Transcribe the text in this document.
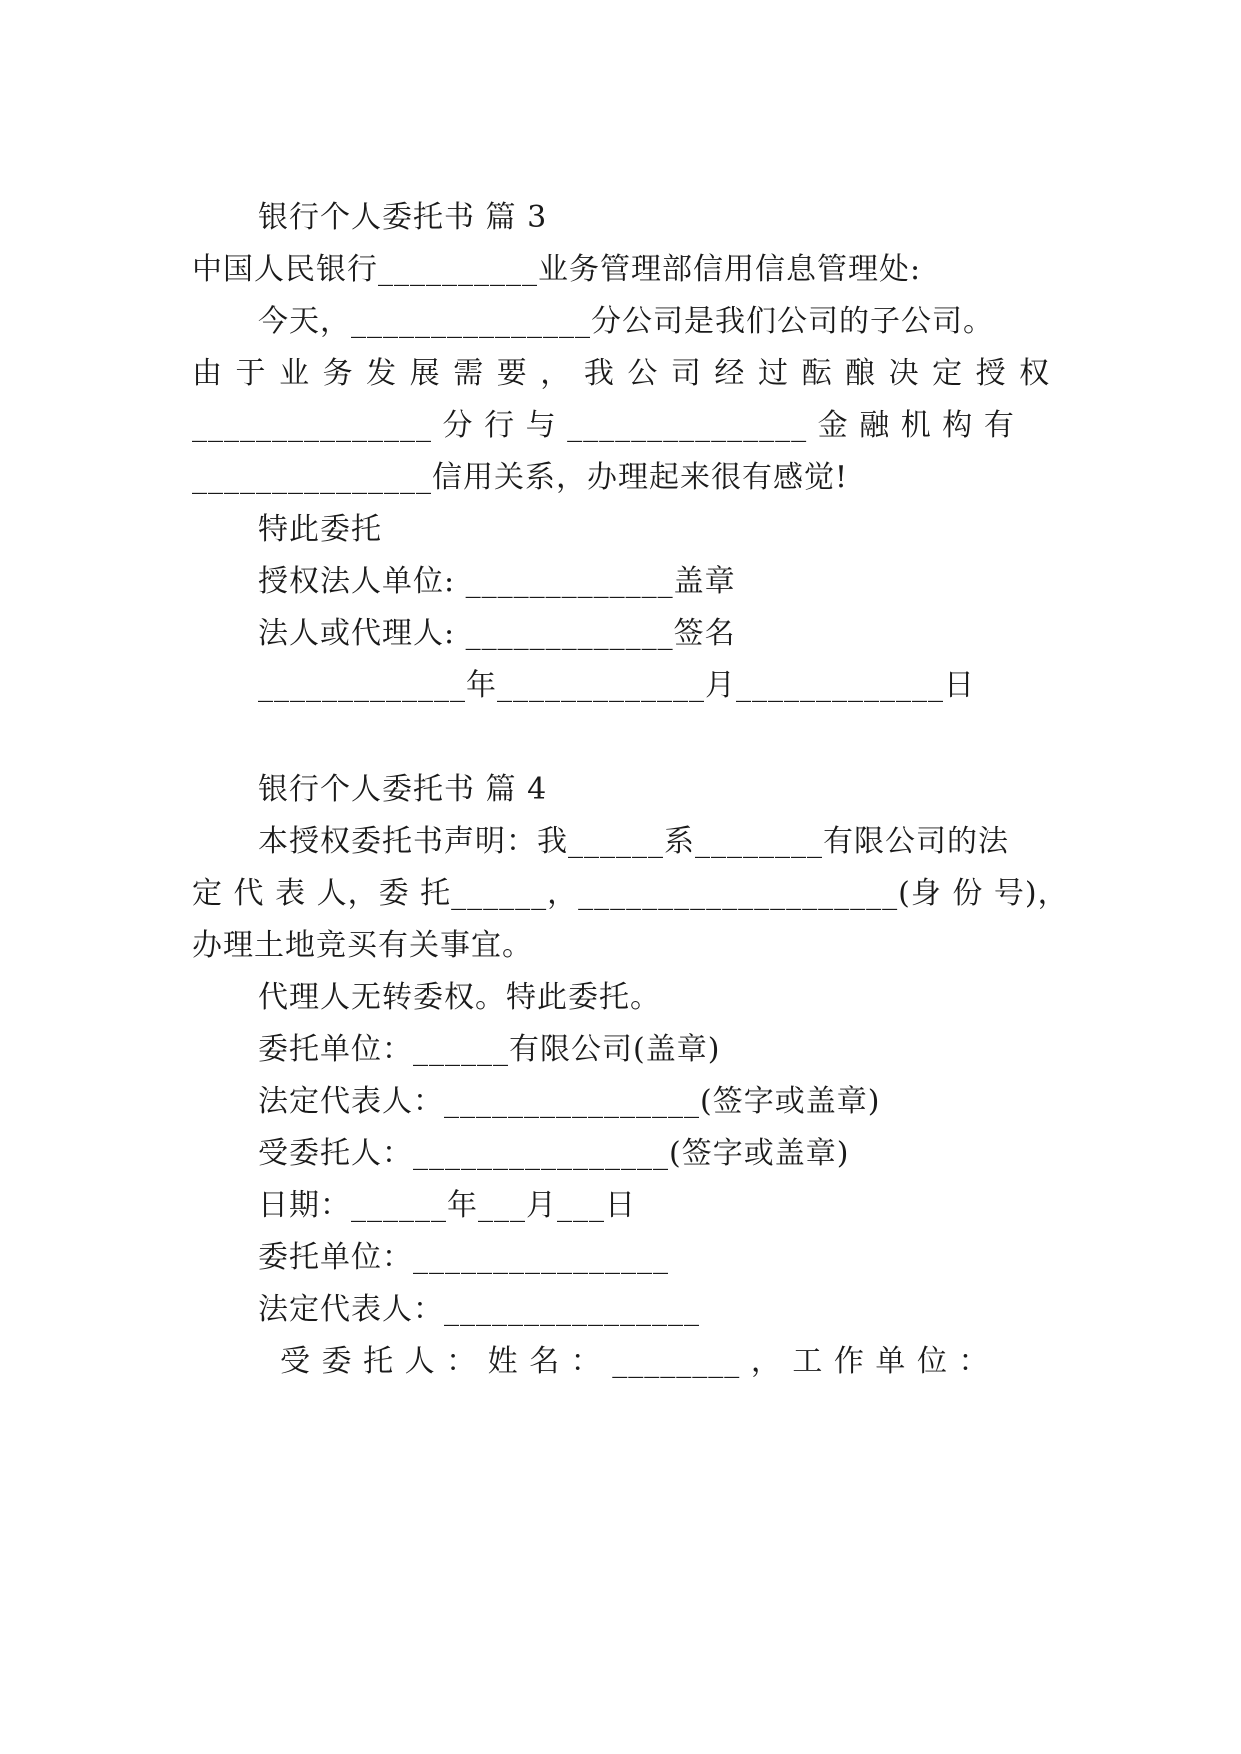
银行个人委托书 篇 3
中国人民银行__________业务管理部信用信息管理处:
今天，_______________分公司是我们公司的子公司。
由 于 业 务 发 展 需 要 ， 我 公 司 经 过 酝 酿 决 定 授 权
_______________ 分 行 与 _______________ 金 融 机 构 有
_______________信用关系，办理起来很有感觉!
特此委托
授权法人单位: _____________盖章
法人或代理人: _____________签名
_____________年_____________月_____________日
银行个人委托书 篇 4
本授权委托书声明：我______系________有限公司的法
定 代 表 人，委 托______，____________________(身 份 号)，
办理土地竞买有关事宜。
代理人无转委权。特此委托。
委托单位：______有限公司(盖章)
法定代表人：________________(签字或盖章)
受委托人：________________(签字或盖章)
日期：______年___月___日
委托单位：________________
法定代表人：________________
受 委 托 人 ： 姓 名 ： ________ ， 工 作 单 位 ：
